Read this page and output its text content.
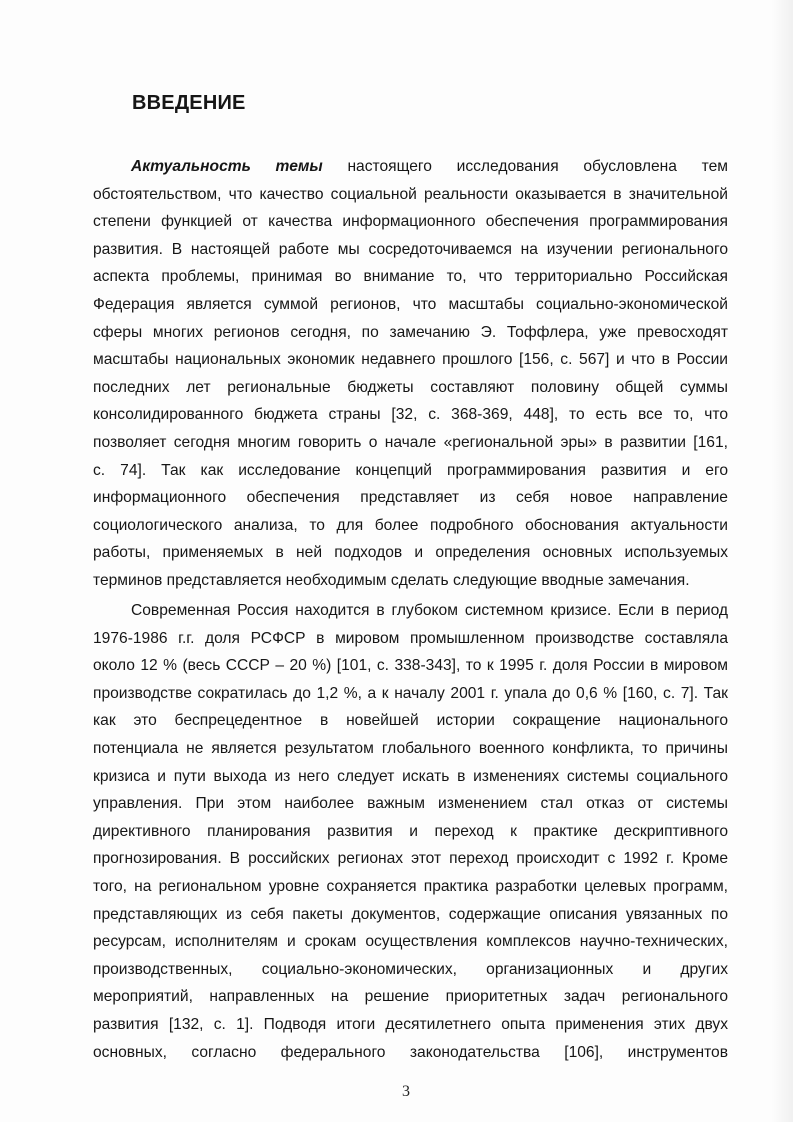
ВВЕДЕНИЕ
Актуальность темы настоящего исследования обусловлена тем
обстоятельством, что качество социальной реальности оказывается в значительной
степени функцией от качества информационного обеспечения программирования
развития. В настоящей работе мы сосредоточиваемся на изучении регионального
аспекта проблемы, принимая во внимание то, что территориально Российская
Федерация является суммой регионов, что масштабы социально-экономической
сферы многих регионов сегодня, по замечанию Э. Тоффлера, уже превосходят
масштабы национальных экономик недавнего прошлого [156, с. 567] и что в России
последних лет региональные бюджеты составляют половину общей суммы
консолидированного бюджета страны [32, с. 368-369, 448], то есть все то, что
позволяет сегодня многим говорить о начале «региональной эры» в развитии [161,
с. 74]. Так как исследование концепций программирования развития и его
информационного обеспечения представляет из себя новое направление
социологического анализа, то для более подробного обоснования актуальности
работы, применяемых в ней подходов и определения основных используемых
терминов представляется необходимым сделать следующие вводные замечания.
Современная Россия находится в глубоком системном кризисе. Если в период
1976-1986 г.г. доля РСФСР в мировом промышленном производстве составляла
около 12 % (весь СССР – 20 %) [101, с. 338-343], то к 1995 г. доля России в мировом
производстве сократилась до 1,2 %, а к началу 2001 г. упала до 0,6 % [160, с. 7]. Так
как это беспрецедентное в новейшей истории сокращение национального
потенциала не является результатом глобального военного конфликта, то причины
кризиса и пути выхода из него следует искать в изменениях системы социального
управления. При этом наиболее важным изменением стал отказ от системы
директивного планирования развития и переход к практике дескриптивного
прогнозирования. В российских регионах этот переход происходит с 1992 г. Кроме
того, на региональном уровне сохраняется практика разработки целевых программ,
представляющих из себя пакеты документов, содержащие описания увязанных по
ресурсам, исполнителям и срокам осуществления комплексов научно-технических,
производственных, социально-экономических, организационных и других
мероприятий, направленных на решение приоритетных задач регионального
развития [132, с. 1]. Подводя итоги десятилетнего опыта применения этих двух
основных, согласно федерального законодательства [106], инструментов
3
